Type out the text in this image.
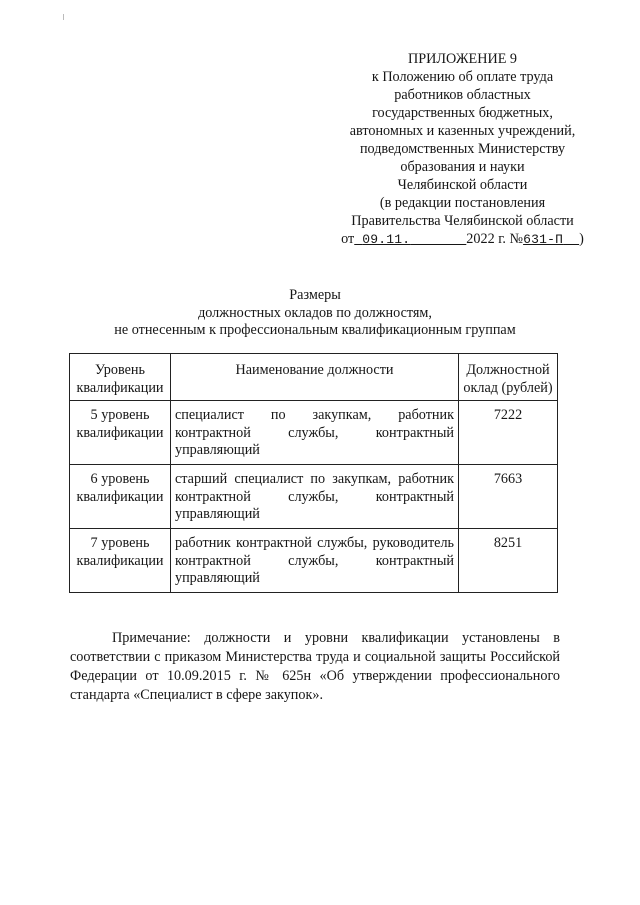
ПРИЛОЖЕНИЕ 9
к Положению об оплате труда
работников областных
государственных бюджетных,
автономных и казенных учреждений,
подведомственных Министерству
образования и науки
Челябинской области
(в редакции постановления
Правительства Челябинской области
от 09.11.	2022 г. №631-П )
Размеры
должностных окладов по должностям,
не отнесенным к профессиональным квалификационным группам
Уровень квалификации	Наименование должности	Должностной оклад (рублей)
5 уровень квалификации	специалист по закупкам, работник контрактной службы, контрактный управляющий	7222
6 уровень квалификации	старший специалист по закупкам, работник контрактной службы, контрактный управляющий	7663
7 уровень квалификации	работник контрактной службы, руководитель контрактной службы, контрактный управляющий	8251
Примечание: должности и уровни квалификации установлены в соответствии с приказом Министерства труда и социальной защиты Российской Федерации от 10.09.2015 г. № 625н «Об утверждении профессионального стандарта «Специалист в сфере закупок».
